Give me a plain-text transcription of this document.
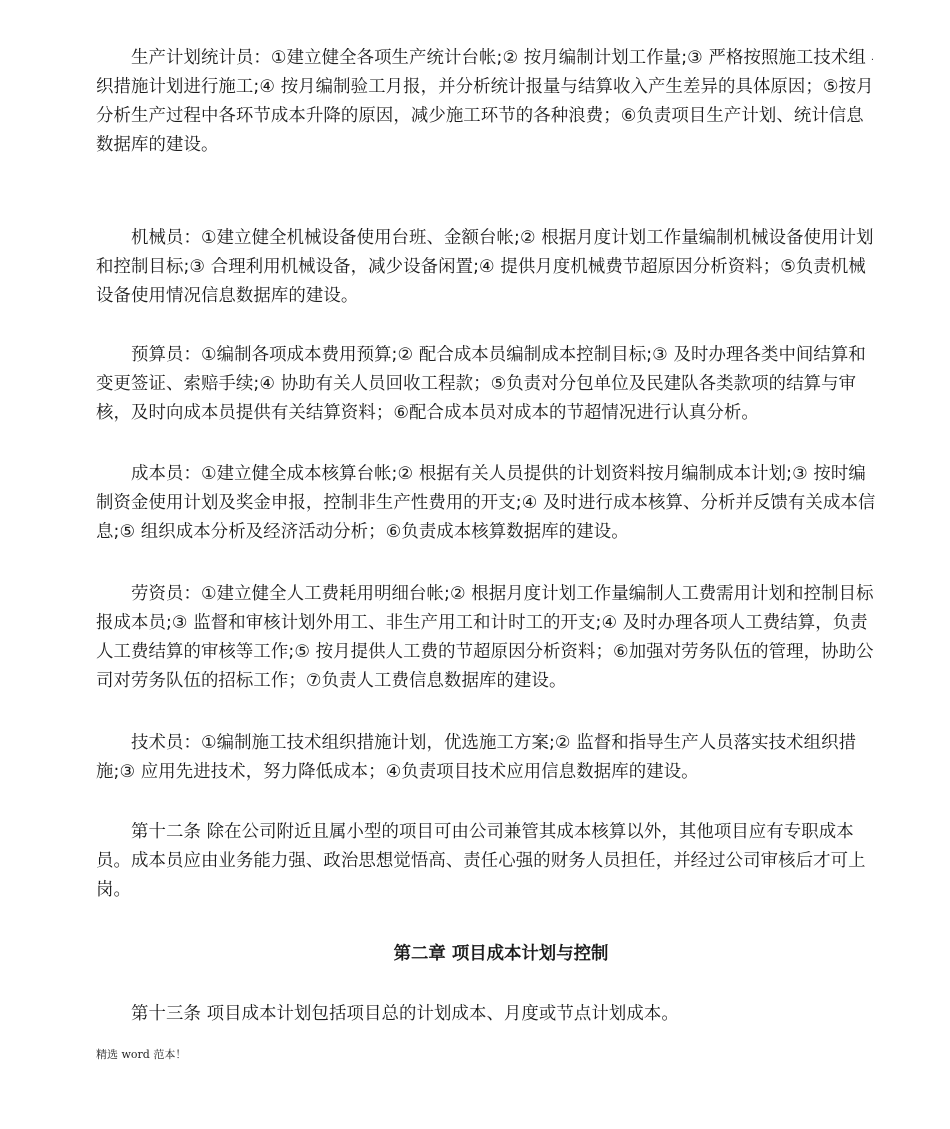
.

生产计划统计员：①建立健全各项生产统计台帐;② 按月编制计划工作量;③ 严格按照施工技术组织措施计划进行施工;④ 按月编制验工月报，并分析统计报量与结算收入产生差异的具体原因；⑤按月分析生产过程中各环节成本升降的原因，减少施工环节的各种浪费；⑥负责项目生产计划、统计信息数据库的建设。

机械员：①建立健全机械设备使用台班、金额台帐;② 根据月度计划工作量编制机械设备使用计划和控制目标;③ 合理利用机械设备，减少设备闲置;④ 提供月度机械费节超原因分析资料；⑤负责机械设备使用情况信息数据库的建设。

预算员：①编制各项成本费用预算;② 配合成本员编制成本控制目标;③ 及时办理各类中间结算和变更签证、索赔手续;④ 协助有关人员回收工程款；⑤负责对分包单位及民建队各类款项的结算与审核，及时向成本员提供有关结算资料；⑥配合成本员对成本的节超情况进行认真分析。

成本员：①建立健全成本核算台帐;② 根据有关人员提供的计划资料按月编制成本计划;③ 按时编制资金使用计划及奖金申报，控制非生产性费用的开支;④ 及时进行成本核算、分析并反馈有关成本信息;⑤ 组织成本分析及经济活动分析；⑥负责成本核算数据库的建设。

劳资员：①建立健全人工费耗用明细台帐;② 根据月度计划工作量编制人工费需用计划和控制目标报成本员;③ 监督和审核计划外用工、非生产用工和计时工的开支;④ 及时办理各项人工费结算，负责人工费结算的审核等工作;⑤ 按月提供人工费的节超原因分析资料；⑥加强对劳务队伍的管理，协助公司对劳务队伍的招标工作；⑦负责人工费信息数据库的建设。

技术员：①编制施工技术组织措施计划，优选施工方案;② 监督和指导生产人员落实技术组织措施;③ 应用先进技术，努力降低成本；④负责项目技术应用信息数据库的建设。

第十二条 除在公司附近且属小型的项目可由公司兼管其成本核算以外，其他项目应有专职成本员。成本员应由业务能力强、政治思想觉悟高、责任心强的财务人员担任，并经过公司审核后才可上岗。

第二章 项目成本计划与控制

第十三条 项目成本计划包括项目总的计划成本、月度或节点计划成本。

精选 word 范本！
